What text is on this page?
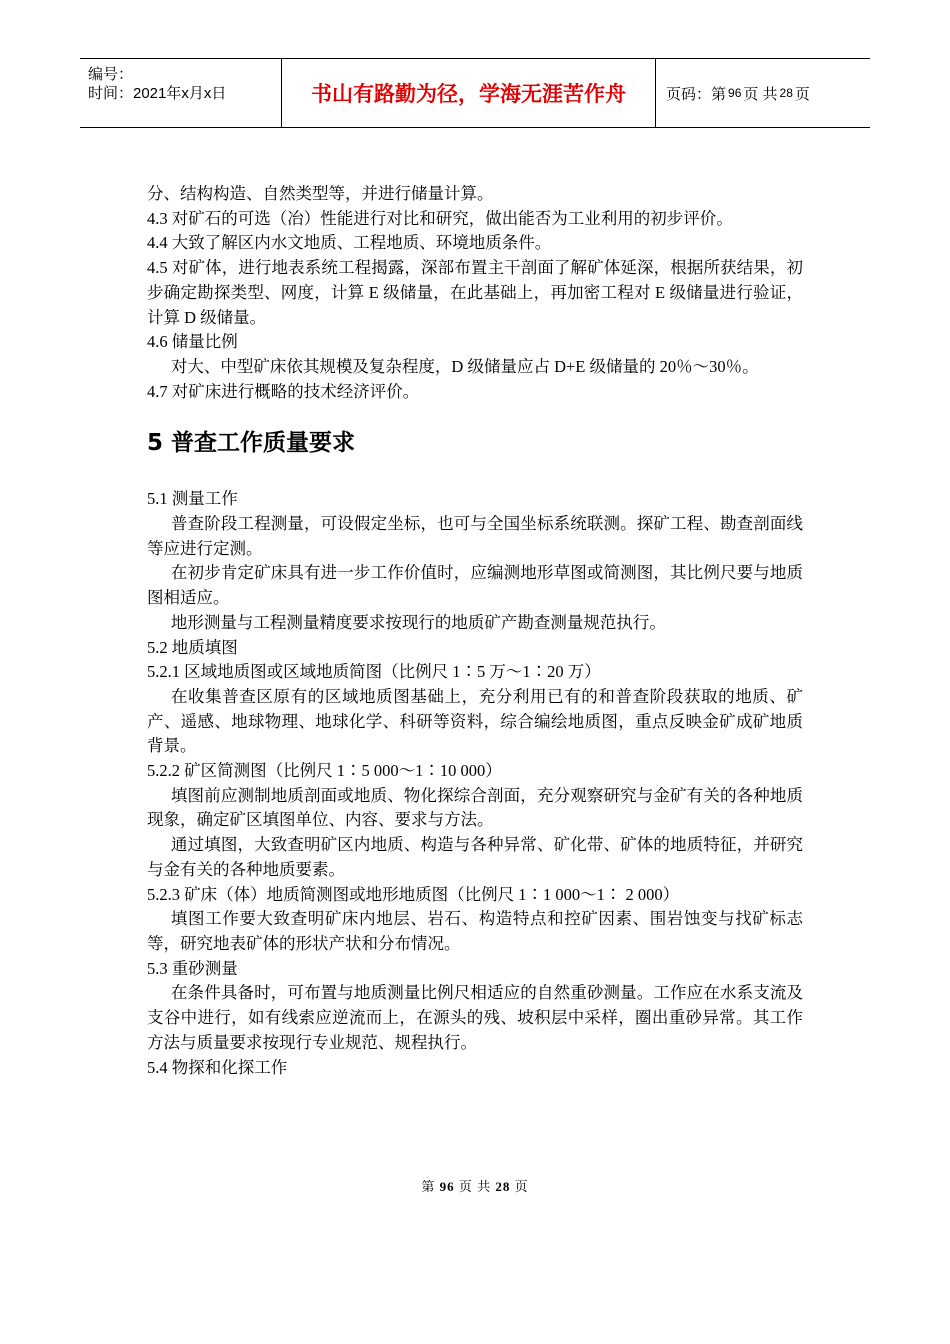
编号：
时间：2021年x月x日	书山有路勤为径，学海无涯苦作舟	页码：第 96 页 共 28 页

分、结构构造、自然类型等，并进行储量计算。

4.3 对矿石的可选（冶）性能进行对比和研究，做出能否为工业利用的初步评价。

4.4 大致了解区内水文地质、工程地质、环境地质条件。

4.5 对矿体，进行地表系统工程揭露，深部布置主干剖面了解矿体延深，根据所获结果，初步确定勘探类型、网度，计算 E 级储量，在此基础上，再加密工程对 E 级储量进行验证，计算 D 级储量。

4.6 储量比例

对大、中型矿床依其规模及复杂程度，D 级储量应占 D+E 级储量的 20％～30％。

4.7 对矿床进行概略的技术经济评价。

5 普查工作质量要求

5.1 测量工作

普查阶段工程测量，可设假定坐标，也可与全国坐标系统联测。探矿工程、勘查剖面线等应进行定测。

在初步肯定矿床具有进一步工作价值时，应编测地形草图或简测图，其比例尺要与地质图相适应。

地形测量与工程测量精度要求按现行的地质矿产勘查测量规范执行。

5.2 地质填图

5.2.1 区域地质图或区域地质简图（比例尺 1∶5 万～1∶20 万）

在收集普查区原有的区域地质图基础上，充分利用已有的和普查阶段获取的地质、矿产、遥感、地球物理、地球化学、科研等资料，综合编绘地质图，重点反映金矿成矿地质背景。

5.2.2 矿区简测图（比例尺 1∶5 000～1∶10 000）

填图前应测制地质剖面或地质、物化探综合剖面，充分观察研究与金矿有关的各种地质现象，确定矿区填图单位、内容、要求与方法。

通过填图，大致查明矿区内地质、构造与各种异常、矿化带、矿体的地质特征，并研究与金有关的各种地质要素。

5.2.3 矿床（体）地质简测图或地形地质图（比例尺 1∶1 000～1∶ 2 000）

填图工作要大致查明矿床内地层、岩石、构造特点和控矿因素、围岩蚀变与找矿标志等，研究地表矿体的形状产状和分布情况。

5.3 重砂测量

在条件具备时，可布置与地质测量比例尺相适应的自然重砂测量。工作应在水系支流及支谷中进行，如有线索应逆流而上，在源头的残、坡积层中采样，圈出重砂异常。其工作方法与质量要求按现行专业规范、规程执行。

5.4 物探和化探工作

第 96 页 共 28 页
